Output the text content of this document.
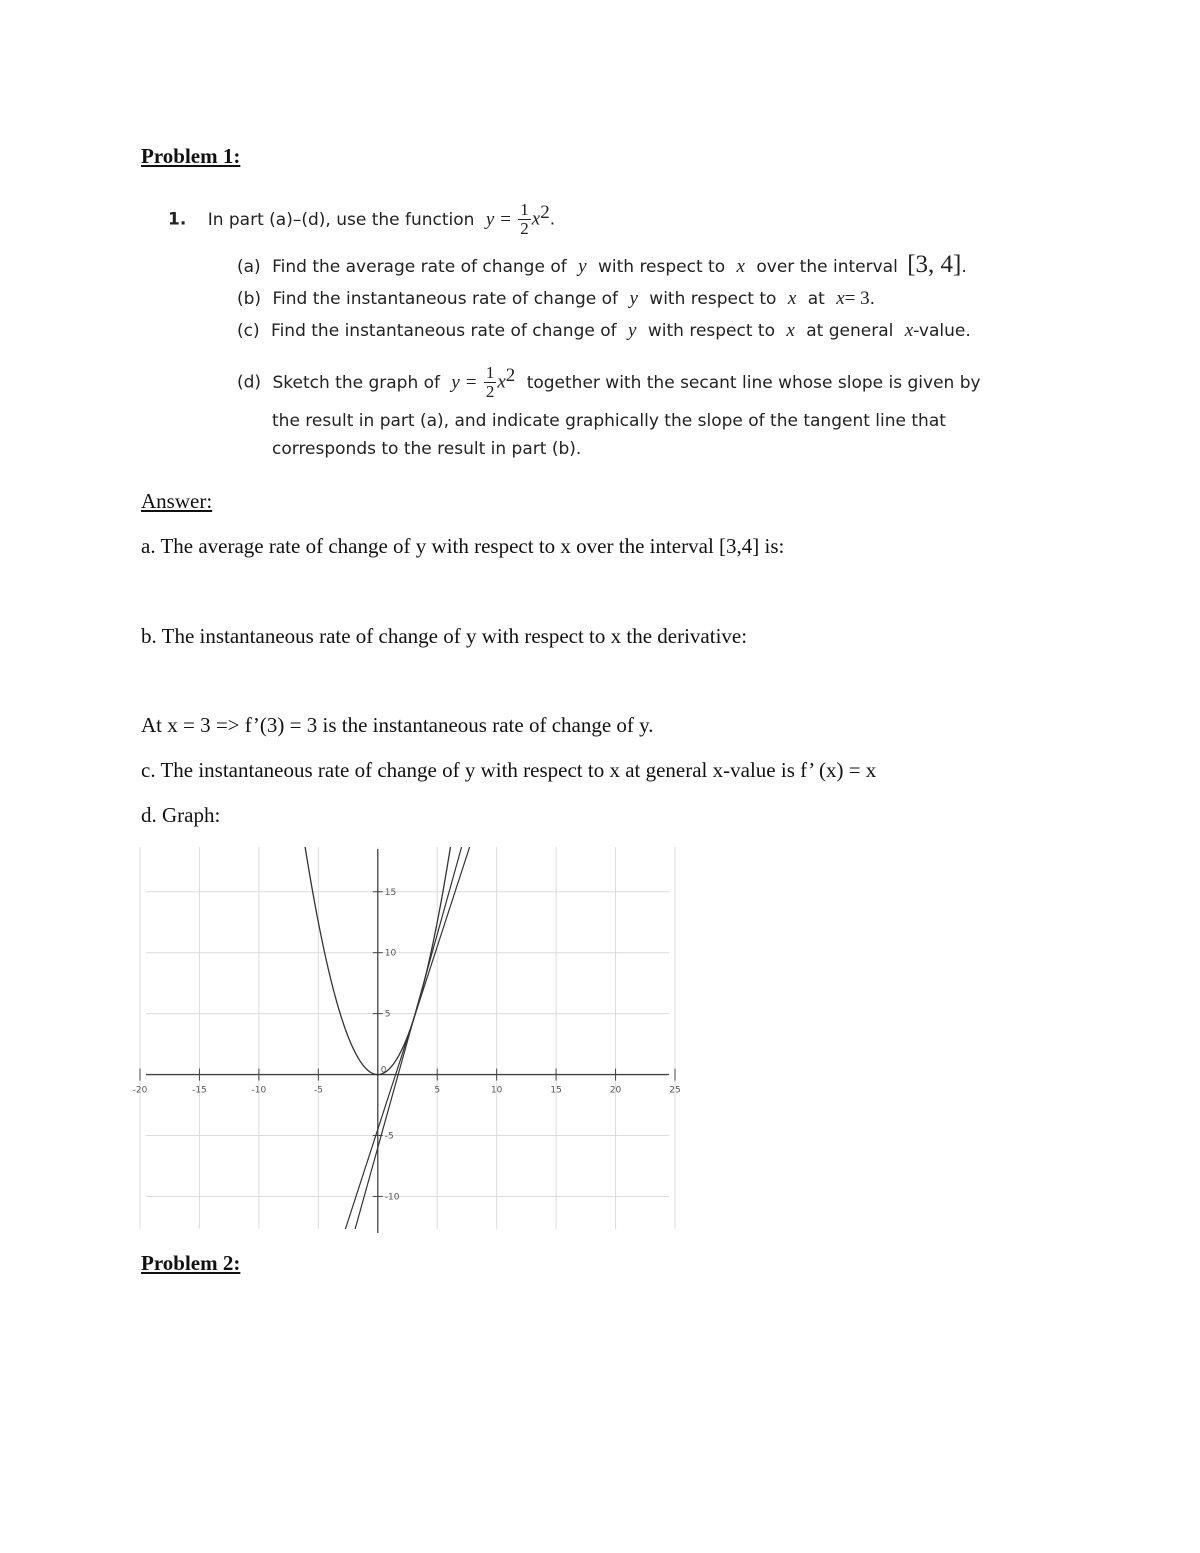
Problem 1:
1. In part (a)–(d), use the function $y = \frac{1}{2} x^2$.
(a) Find the average rate of change of y with respect to x over the interval [3, 4].
(b) Find the instantaneous rate of change of y with respect to x at x= 3.
(c) Find the instantaneous rate of change of y with respect to x at general x-value.
(d) Sketch the graph of $y = \frac{1}{2} x^2$ together with the secant line whose slope is given by
the result in part (a), and indicate graphically the slope of the tangent line that
corresponds to the result in part (b).
Answer:
a. The average rate of change of y with respect to x over the interval [3,4] is:
b. The instantaneous rate of change of y with respect to x the derivative:
At x = 3 => f’(3) = 3 is the instantaneous rate of change of y.
c. The instantaneous rate of change of y with respect to x at general x-value is f’ (x) = x
d. Graph:
-20	-15	-10	-5	5	10	15	20	25
-10
-5
5
10
15
0
Problem 2:
